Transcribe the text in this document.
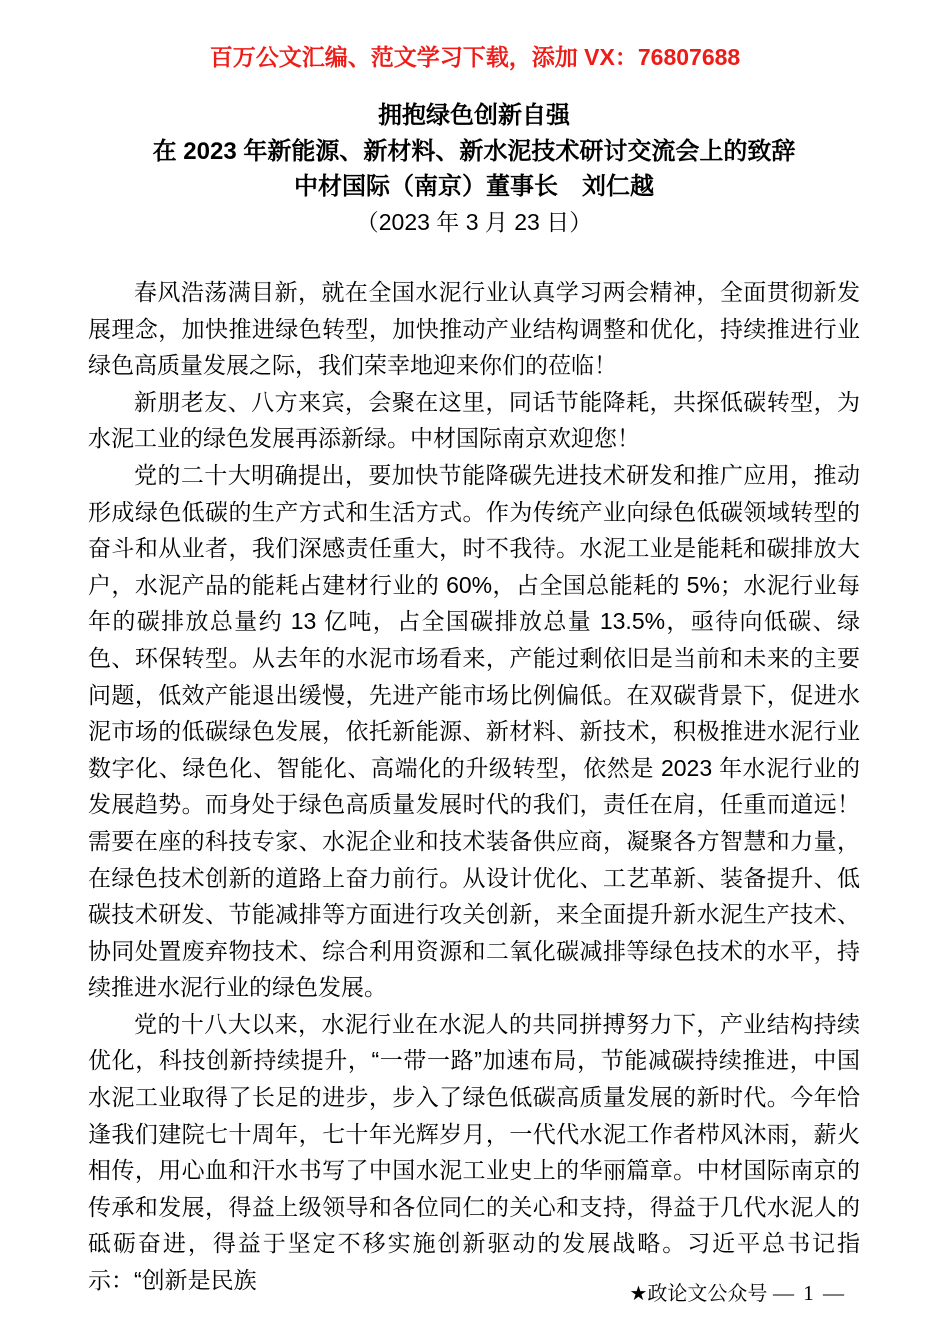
百万公文汇编、范文学习下载，添加 VX：76807688
拥抱绿色创新自强
在 2023 年新能源、新材料、新水泥技术研讨交流会上的致辞
中材国际（南京）董事长　刘仁越
（2023 年 3 月 23 日）

春风浩荡满目新，就在全国水泥行业认真学习两会精神，全面贯彻新发展理念，加快推进绿色转型，加快推动产业结构调整和优化，持续推进行业绿色高质量发展之际，我们荣幸地迎来你们的莅临！

新朋老友、八方来宾，会聚在这里，同话节能降耗，共探低碳转型，为水泥工业的绿色发展再添新绿。中材国际南京欢迎您！

党的二十大明确提出，要加快节能降碳先进技术研发和推广应用，推动形成绿色低碳的生产方式和生活方式。作为传统产业向绿色低碳领域转型的奋斗和从业者，我们深感责任重大，时不我待。水泥工业是能耗和碳排放大户，水泥产品的能耗占建材行业的 60%，占全国总能耗的 5%；水泥行业每年的碳排放总量约 13 亿吨，占全国碳排放总量 13.5%，亟待向低碳、绿色、环保转型。从去年的水泥市场看来，产能过剩依旧是当前和未来的主要问题，低效产能退出缓慢，先进产能市场比例偏低。在双碳背景下，促进水泥市场的低碳绿色发展，依托新能源、新材料、新技术，积极推进水泥行业数字化、绿色化、智能化、高端化的升级转型，依然是 2023 年水泥行业的发展趋势。而身处于绿色高质量发展时代的我们，责任在肩，任重而道远！需要在座的科技专家、水泥企业和技术装备供应商，凝聚各方智慧和力量，在绿色技术创新的道路上奋力前行。从设计优化、工艺革新、装备提升、低碳技术研发、节能减排等方面进行攻关创新，来全面提升新水泥生产技术、协同处置废弃物技术、综合利用资源和二氧化碳减排等绿色技术的水平，持续推进水泥行业的绿色发展。

党的十八大以来，水泥行业在水泥人的共同拼搏努力下，产业结构持续优化，科技创新持续提升，“一带一路”加速布局，节能减碳持续推进，中国水泥工业取得了长足的进步，步入了绿色低碳高质量发展的新时代。今年恰逢我们建院七十周年，七十年光辉岁月，一代代水泥工作者栉风沐雨，薪火相传，用心血和汗水书写了中国水泥工业史上的华丽篇章。中材国际南京的传承和发展，得益上级领导和各位同仁的关心和支持，得益于几代水泥人的砥砺奋进，得益于坚定不移实施创新驱动的发展战略。习近平总书记指示：“创新是民族

★政论文公众号 — 1 —
